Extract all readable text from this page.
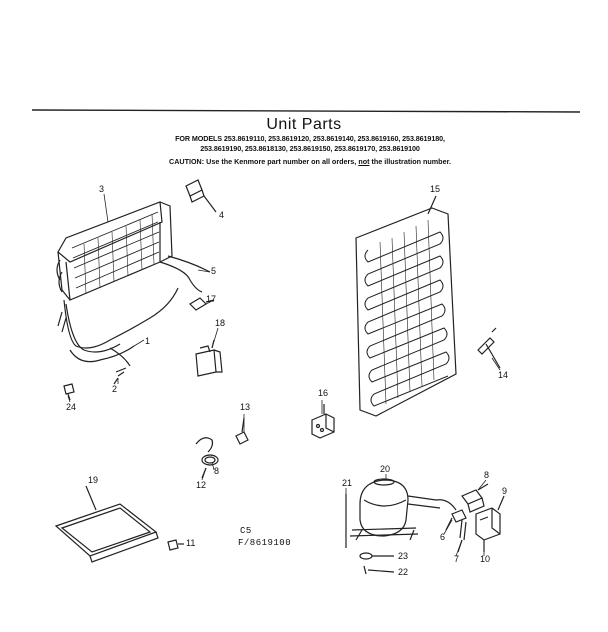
Unit Parts
FOR MODELS 253.8619110, 253.8619120, 253.8619140, 253.8619160, 253.8619180,
253.8619190, 253.8618130, 253.8619150, 253.8619170, 253.8619100
CAUTION: Use the Kenmore part number on all orders, not the illustration number.
3
4
5
17
18
1
2
24	13
8
12
16
15
14
19
11
20
21
8
9
6
7 10
23
22
C5
F/8619100
